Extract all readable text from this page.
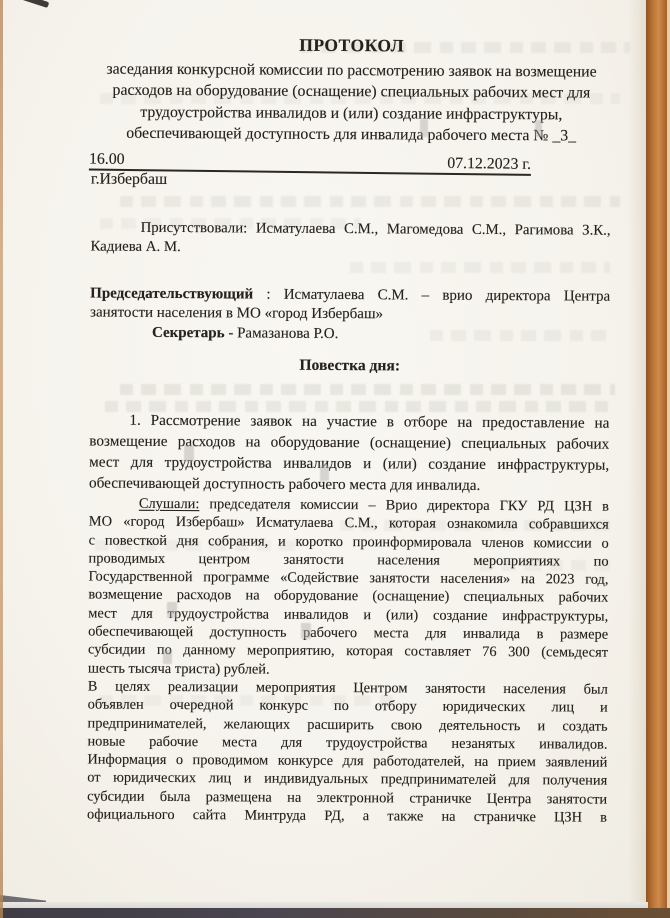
ПРОТОКОЛ
заседания конкурсной комиссии по рассмотрению заявок на возмещение
расходов на оборудование (оснащение) специальных рабочих мест для
трудоустройства инвалидов и (или) создание инфраструктуры,
обеспечивающей доступность для инвалида рабочего места № _3_
16.00	07.12.2023 г.
г.Избербаш
Присутствовали: Исматулаева С.М., Магомедова С.М., Рагимова З.К.,
Кадиева А. М.
Председательствующий : Исматулаева С.М. – врио директора Центра
занятости населения в МО «город Избербаш»
Секретарь - Рамазанова Р.О.
Повестка дня:
1. Рассмотрение заявок на участие в отборе на предоставление на
возмещение расходов на оборудование (оснащение) специальных рабочих
мест для трудоустройства инвалидов и (или) создание инфраструктуры,
обеспечивающей доступность рабочего места для инвалида.
Слушали: председателя комиссии – Врио директора ГКУ РД ЦЗН в
МО «город Избербаш» Исматулаева С.М., которая ознакомила собравшихся
с повесткой дня собрания, и коротко проинформировала членов комиссии о
проводимых центром занятости населения мероприятиях по
Государственной программе «Содействие занятости населения» на 2023 год,
возмещение расходов на оборудование (оснащение) специальных рабочих
мест для трудоустройства инвалидов и (или) создание инфраструктуры,
обеспечивающей доступность рабочего места для инвалида в размере
субсидии по данному мероприятию, которая составляет 76 300 (семьдесят
шесть тысяча триста) рублей.
В целях реализации мероприятия Центром занятости населения был
объявлен очередной конкурс по отбору юридических лиц и
предпринимателей, желающих расширить свою деятельность и создать
новые рабочие места для трудоустройства незанятых инвалидов.
Информация о проводимом конкурсе для работодателей, на прием заявлений
от юридических лиц и индивидуальных предпринимателей для получения
субсидии была размещена на электронной страничке Центра занятости
официального сайта Минтруда РД, а также на страничке ЦЗН в
